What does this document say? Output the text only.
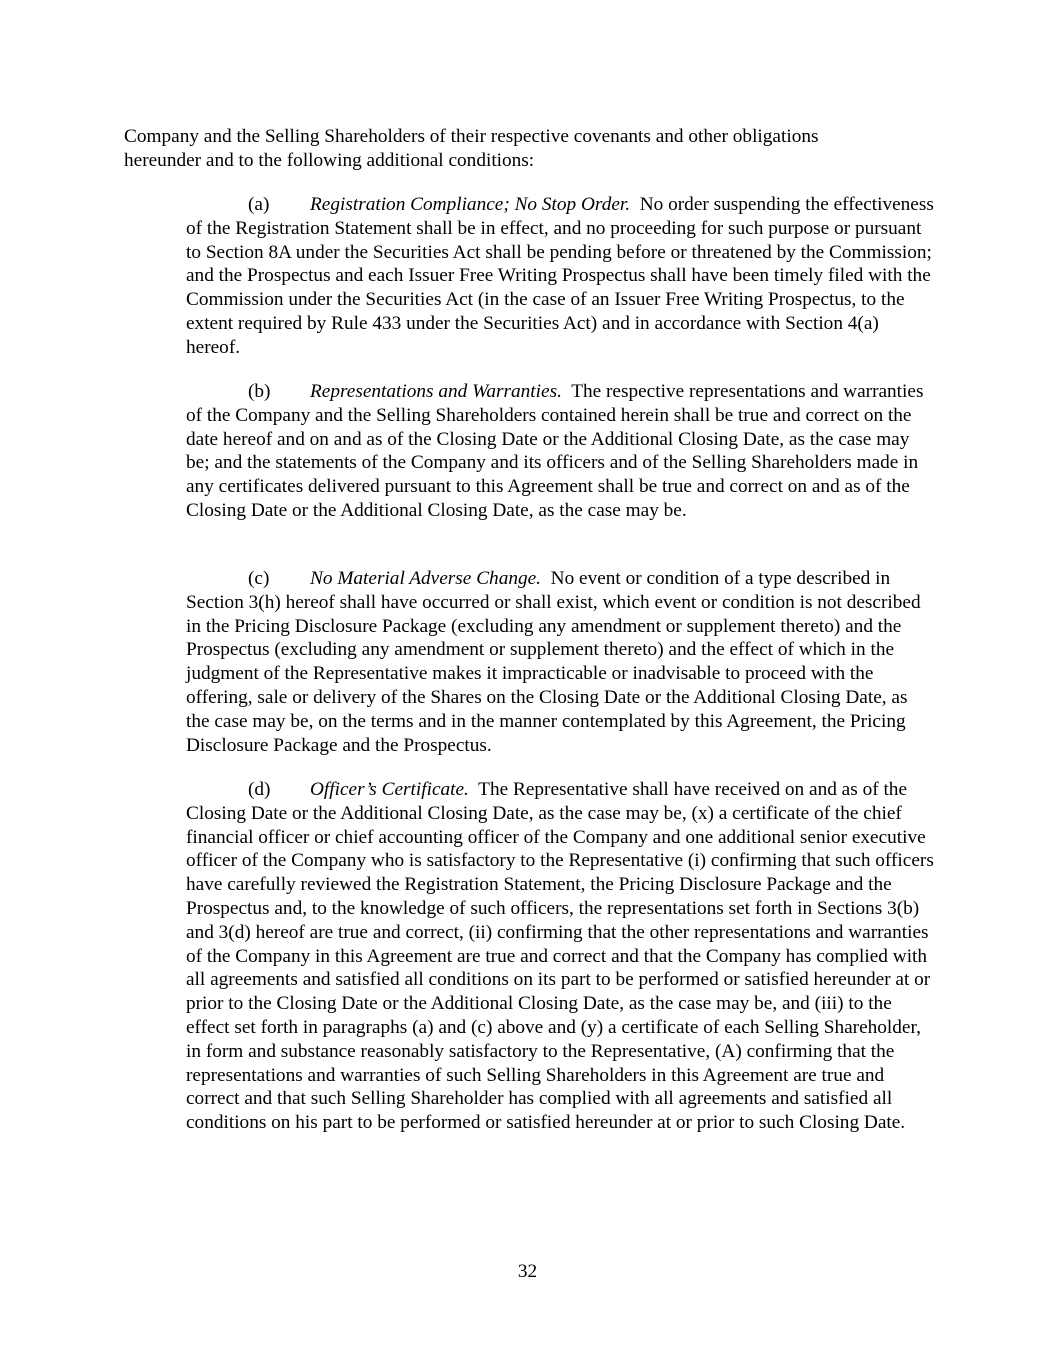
Company and the Selling Shareholders of their respective covenants and other obligations hereunder and to the following additional conditions:

(a) Registration Compliance; No Stop Order. No order suspending the effectiveness of the Registration Statement shall be in effect, and no proceeding for such purpose or pursuant to Section 8A under the Securities Act shall be pending before or threatened by the Commission; and the Prospectus and each Issuer Free Writing Prospectus shall have been timely filed with the Commission under the Securities Act (in the case of an Issuer Free Writing Prospectus, to the extent required by Rule 433 under the Securities Act) and in accordance with Section 4(a) hereof.

(b) Representations and Warranties. The respective representations and warranties of the Company and the Selling Shareholders contained herein shall be true and correct on the date hereof and on and as of the Closing Date or the Additional Closing Date, as the case may be; and the statements of the Company and its officers and of the Selling Shareholders made in any certificates delivered pursuant to this Agreement shall be true and correct on and as of the Closing Date or the Additional Closing Date, as the case may be.

(c) No Material Adverse Change. No event or condition of a type described in Section 3(h) hereof shall have occurred or shall exist, which event or condition is not described in the Pricing Disclosure Package (excluding any amendment or supplement thereto) and the Prospectus (excluding any amendment or supplement thereto) and the effect of which in the judgment of the Representative makes it impracticable or inadvisable to proceed with the offering, sale or delivery of the Shares on the Closing Date or the Additional Closing Date, as the case may be, on the terms and in the manner contemplated by this Agreement, the Pricing Disclosure Package and the Prospectus.

(d) Officer’s Certificate. The Representative shall have received on and as of the Closing Date or the Additional Closing Date, as the case may be, (x) a certificate of the chief financial officer or chief accounting officer of the Company and one additional senior executive officer of the Company who is satisfactory to the Representative (i) confirming that such officers have carefully reviewed the Registration Statement, the Pricing Disclosure Package and the Prospectus and, to the knowledge of such officers, the representations set forth in Sections 3(b) and 3(d) hereof are true and correct, (ii) confirming that the other representations and warranties of the Company in this Agreement are true and correct and that the Company has complied with all agreements and satisfied all conditions on its part to be performed or satisfied hereunder at or prior to the Closing Date or the Additional Closing Date, as the case may be, and (iii) to the effect set forth in paragraphs (a) and (c) above and (y) a certificate of each Selling Shareholder, in form and substance reasonably satisfactory to the Representative, (A) confirming that the representations and warranties of such Selling Shareholders in this Agreement are true and correct and that such Selling Shareholder has complied with all agreements and satisfied all conditions on his part to be performed or satisfied hereunder at or prior to such Closing Date.

32
